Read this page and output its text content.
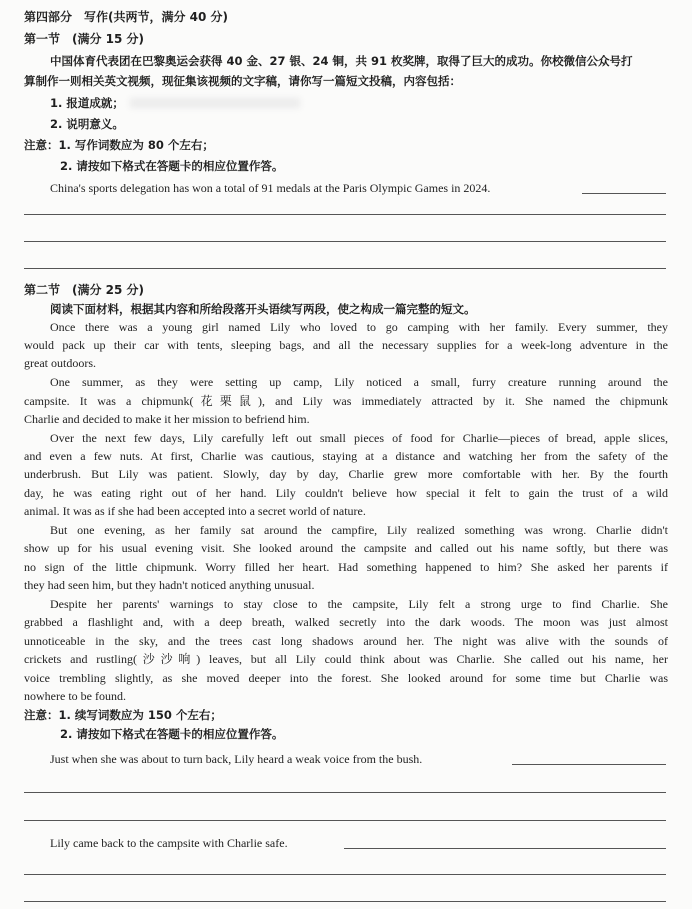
第四部分　写作(共两节，满分 40 分)
第一节　(满分 15 分)
中国体育代表团在巴黎奥运会获得 40 金、27 银、24 铜，共 91 枚奖牌，取得了巨大的成功。你校微信公众号打
算制作一则相关英文视频，现征集该视频的文字稿，请你写一篇短文投稿，内容包括：
1. 报道成就；
2. 说明意义。
注意：1. 写作词数应为 80 个左右；
2. 请按如下格式在答题卡的相应位置作答。
China's sports delegation has won a total of 91 medals at the Paris Olympic Games in 2024.
第二节　(满分 25 分)
阅读下面材料，根据其内容和所给段落开头语续写两段，使之构成一篇完整的短文。
Once there was a young girl named Lily who loved to go camping with her family. Every summer, they
would pack up their car with tents, sleeping bags, and all the necessary supplies for a week-long adventure in the
great outdoors.
One summer, as they were setting up camp, Lily noticed a small, furry creature running around the
campsite. It was a chipmunk(花栗鼠), and Lily was immediately attracted by it. She named the chipmunk
Charlie and decided to make it her mission to befriend him.
Over the next few days, Lily carefully left out small pieces of food for Charlie—pieces of bread, apple slices,
and even a few nuts. At first, Charlie was cautious, staying at a distance and watching her from the safety of the
underbrush. But Lily was patient. Slowly, day by day, Charlie grew more comfortable with her. By the fourth
day, he was eating right out of her hand. Lily couldn't believe how special it felt to gain the trust of a wild
animal. It was as if she had been accepted into a secret world of nature.
But one evening, as her family sat around the campfire, Lily realized something was wrong. Charlie didn't
show up for his usual evening visit. She looked around the campsite and called out his name softly, but there was
no sign of the little chipmunk. Worry filled her heart. Had something happened to him? She asked her parents if
they had seen him, but they hadn't noticed anything unusual.
Despite her parents' warnings to stay close to the campsite, Lily felt a strong urge to find Charlie. She
grabbed a flashlight and, with a deep breath, walked secretly into the dark woods. The moon was just almost
unnoticeable in the sky, and the trees cast long shadows around her. The night was alive with the sounds of
crickets and rustling(沙沙响) leaves, but all Lily could think about was Charlie. She called out his name, her
voice trembling slightly, as she moved deeper into the forest. She looked around for some time but Charlie was
nowhere to be found.
注意：1. 续写词数应为 150 个左右；
2. 请按如下格式在答题卡的相应位置作答。
Just when she was about to turn back, Lily heard a weak voice from the bush.
Lily came back to the campsite with Charlie safe.
